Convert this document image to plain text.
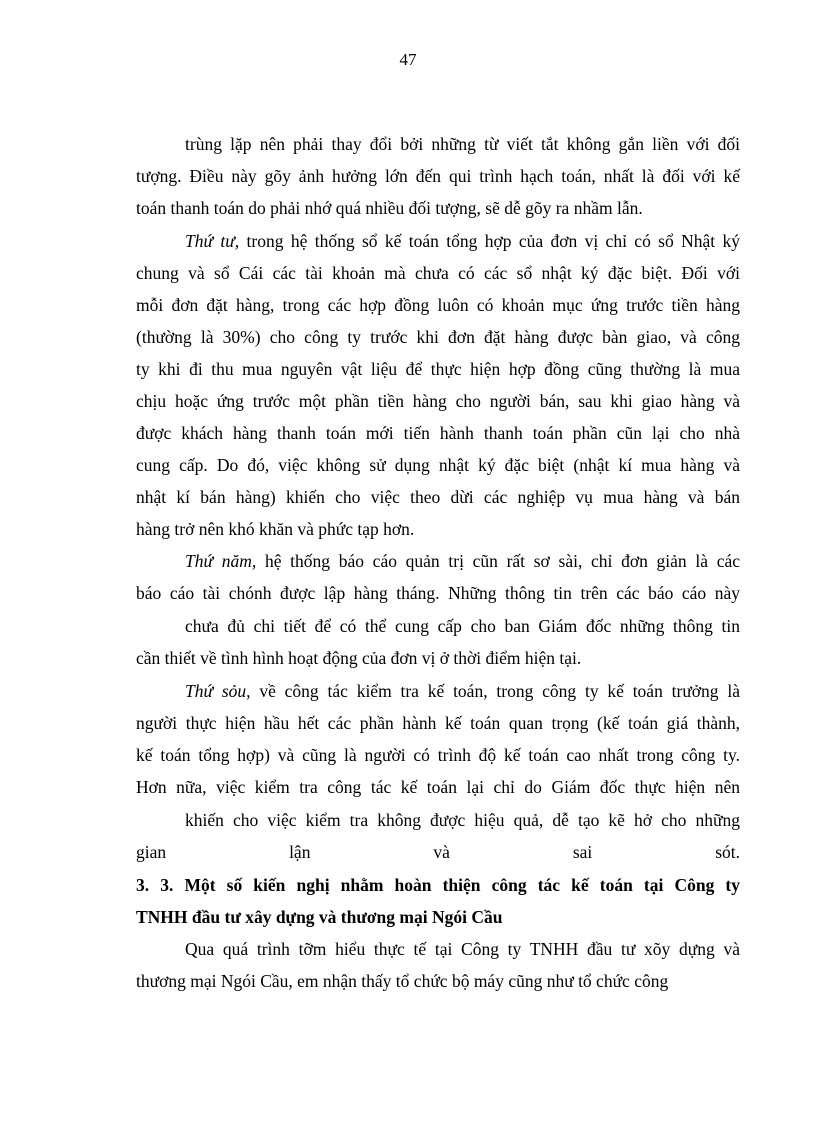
47
trùng lặp nên phải thay đổi bởi những từ viết tắt không gắn liền với đối
tượng. Điều này gõy ảnh hưởng lớn đến qui trình hạch toán, nhất là đối với kế
toán thanh toán do phải nhớ quá nhiều đối tượng, sẽ dễ gõy ra nhầm lẫn.
Thứ tư, trong hệ thống sổ kế toán tổng hợp của đơn vị chỉ có sổ Nhật ký
chung và sổ Cái các tài khoản mà chưa có các sổ nhật ký đặc biệt. Đối với
mỗi đơn đặt hàng, trong các hợp đồng luôn có khoản mục ứng trước tiền hàng
(thường là 30%) cho công ty trước khi đơn đặt hàng được bàn giao, và công
ty khi đi thu mua nguyên vật liệu để thực hiện hợp đồng cũng thường là mua
chịu hoặc ứng trước một phần tiền hàng cho người bán, sau khi giao hàng và
được khách hàng thanh toán mới tiến hành thanh toán phần cũn lại cho nhà
cung cấp. Do đó, việc không sử dụng nhật ký đặc biệt (nhật kí mua hàng và
nhật kí bán hàng) khiến cho việc theo dừi các nghiệp vụ mua hàng và bán
hàng trở nên khó khăn và phức tạp hơn.
Thứ năm, hệ thống báo cáo quản trị cũn rất sơ sài, chỉ đơn giản là các
báo cáo tài chónh được lập hàng tháng. Những thông tin trên các báo cáo này
chưa đủ chi tiết để có thể cung cấp cho ban Giám đốc những thông tin
cần thiết về tình hình hoạt động của đơn vị ở thời điểm hiện tại.
Thứ sỏu, về công tác kiểm tra kế toán, trong công ty kế toán trưởng là
người thực hiện hầu hết các phần hành kế toán quan trọng (kế toán giá thành,
kế toán tổng hợp) và cũng là người có trình độ kế toán cao nhất trong công ty.
Hơn nữa, việc kiểm tra công tác kế toán lại chỉ do Giám đốc thực hiện nên
khiến cho việc kiểm tra không được hiệu quả, dễ tạo kẽ hở cho những
gian lận và sai sót.
3. 3. Một số kiến nghị nhằm hoàn thiện công tác kế toán tại Công ty
TNHH đầu tư xây dựng và thương mại Ngói Cầu
Qua quá trình tỡm hiểu thực tế tại Công ty TNHH đầu tư xõy dựng và
thương mại Ngói Cầu, em nhận thấy tổ chức bộ máy cũng như tổ chức công
